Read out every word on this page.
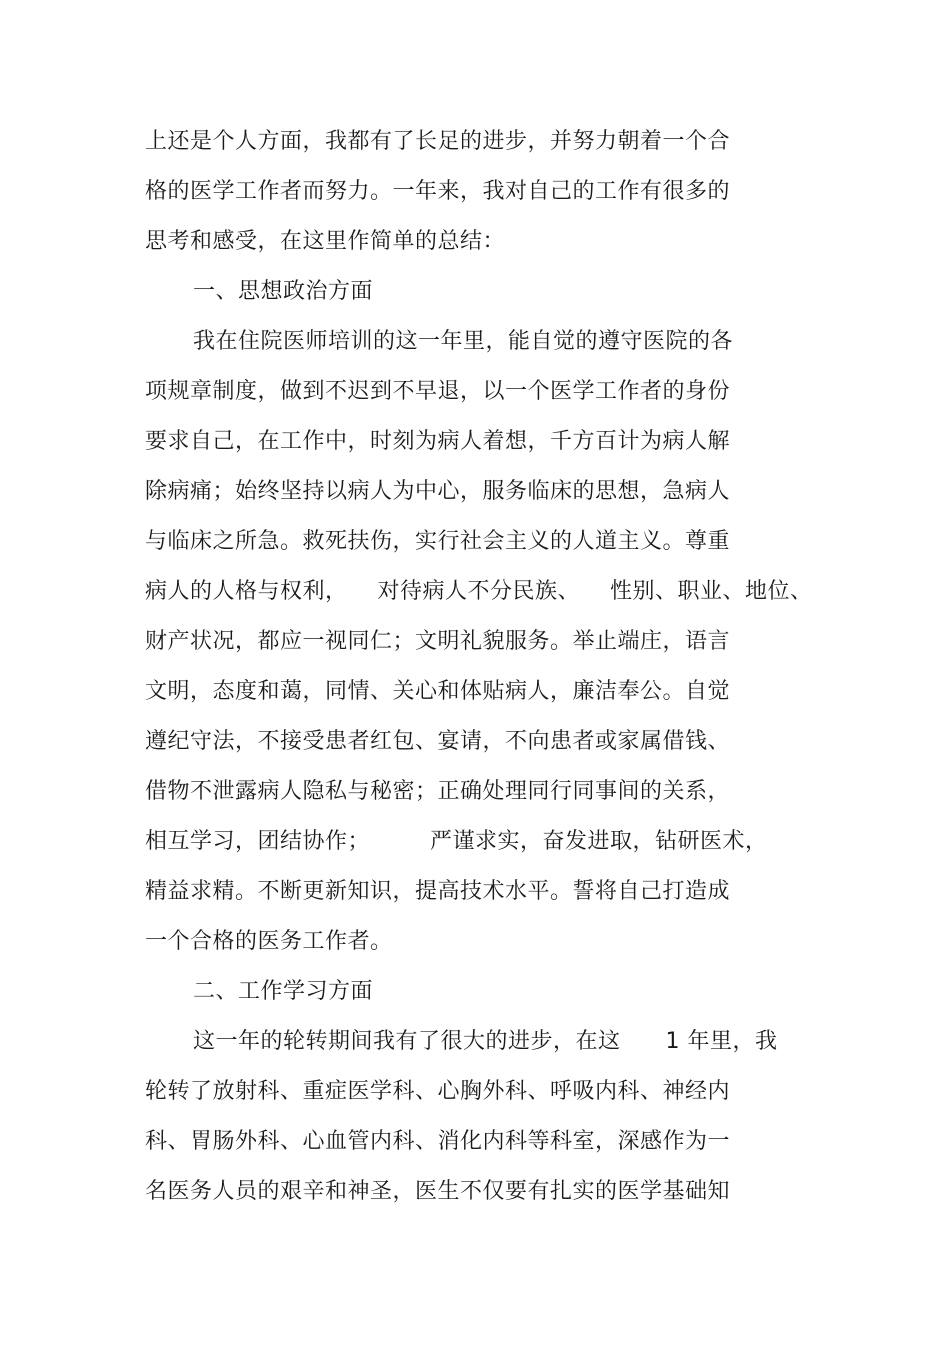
上还是个人方面，我都有了长足的进步，并努力朝着一个合
格的医学工作者而努力。一年来，我对自己的工作有很多的
思考和感受，在这里作简单的总结：
一、思想政治方面
我在住院医师培训的这一年里，能自觉的遵守医院的各
项规章制度，做到不迟到不早退，以一个医学工作者的身份
要求自己，在工作中，时刻为病人着想，千方百计为病人解
除病痛；始终坚持以病人为中心，服务临床的思想，急病人
与临床之所急。救死扶伤，实行社会主义的人道主义。尊重
病人的人格与权利，    对待病人不分民族、    性别、职业、地位、
财产状况，都应一视同仁；文明礼貌服务。举止端庄，语言
文明，态度和蔼，同情、关心和体贴病人，廉洁奉公。自觉
遵纪守法，不接受患者红包、宴请，不向患者或家属借钱、
借物不泄露病人隐私与秘密；正确处理同行同事间的关系，
相互学习，团结协作；        严谨求实，奋发进取，钻研医术，
精益求精。不断更新知识，提高技术水平。誓将自己打造成
一个合格的医务工作者。
二、工作学习方面
这一年的轮转期间我有了很大的进步，在这      1 年里，我
轮转了放射科、重症医学科、心胸外科、呼吸内科、神经内
科、胃肠外科、心血管内科、消化内科等科室，深感作为一
名医务人员的艰辛和神圣，医生不仅要有扎实的医学基础知
